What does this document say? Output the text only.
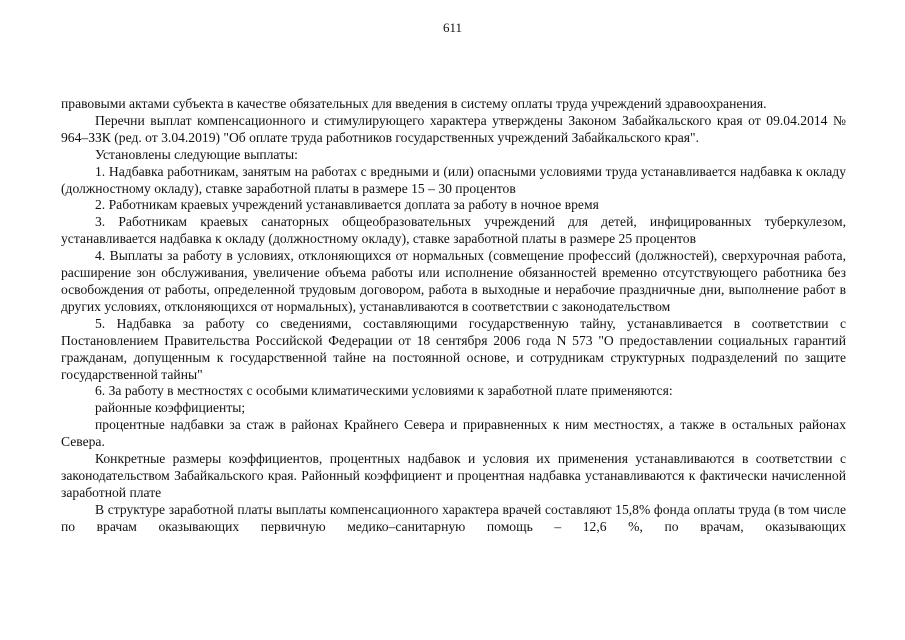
611

правовыми актами субъекта в качестве обязательных для введения в систему оплаты труда учреждений здравоохранения.

Перечни выплат компенсационного и стимулирующего характера утверждены Законом Забайкальского края от 09.04.2014 № 964–ЗЗК (ред. от 3.04.2019) "Об оплате труда работников государственных учреждений Забайкальского края".

Установлены следующие выплаты:

1. Надбавка работникам, занятым на работах с вредными и (или) опасными условиями труда устанавливается надбавка к окладу (должностному окладу), ставке заработной платы в размере 15 – 30 процентов

2. Работникам краевых учреждений устанавливается доплата за работу в ночное время

3. Работникам краевых санаторных общеобразовательных учреждений для детей, инфицированных туберкулезом, устанавливается надбавка к окладу (должностному окладу), ставке заработной платы в размере 25 процентов

4. Выплаты за работу в условиях, отклоняющихся от нормальных (совмещение профессий (должностей), сверхурочная работа, расширение зон обслуживания, увеличение объема работы или исполнение обязанностей временно отсутствующего работника без освобождения от работы, определенной трудовым договором, работа в выходные и нерабочие праздничные дни, выполнение работ в других условиях, отклоняющихся от нормальных), устанавливаются в соответствии с законодательством

5. Надбавка за работу со сведениями, составляющими государственную тайну, устанавливается в соответствии с Постановлением Правительства Российской Федерации от 18 сентября 2006 года N 573 "О предоставлении социальных гарантий гражданам, допущенным к государственной тайне на постоянной основе, и сотрудникам структурных подразделений по защите государственной тайны"

6. За работу в местностях с особыми климатическими условиями к заработной плате применяются:

районные коэффициенты;

процентные надбавки за стаж в районах Крайнего Севера и приравненных к ним местностях, а также в остальных районах Севера.

Конкретные размеры коэффициентов, процентных надбавок и условия их применения устанавливаются в соответствии с законодательством Забайкальского края. Районный коэффициент и процентная надбавка устанавливаются к фактически начисленной заработной плате

В структуре заработной платы выплаты компенсационного характера врачей составляют 15,8% фонда оплаты труда (в том числе по врачам оказывающих первичную медико–санитарную помощь – 12,6 %, по врачам, оказывающих
